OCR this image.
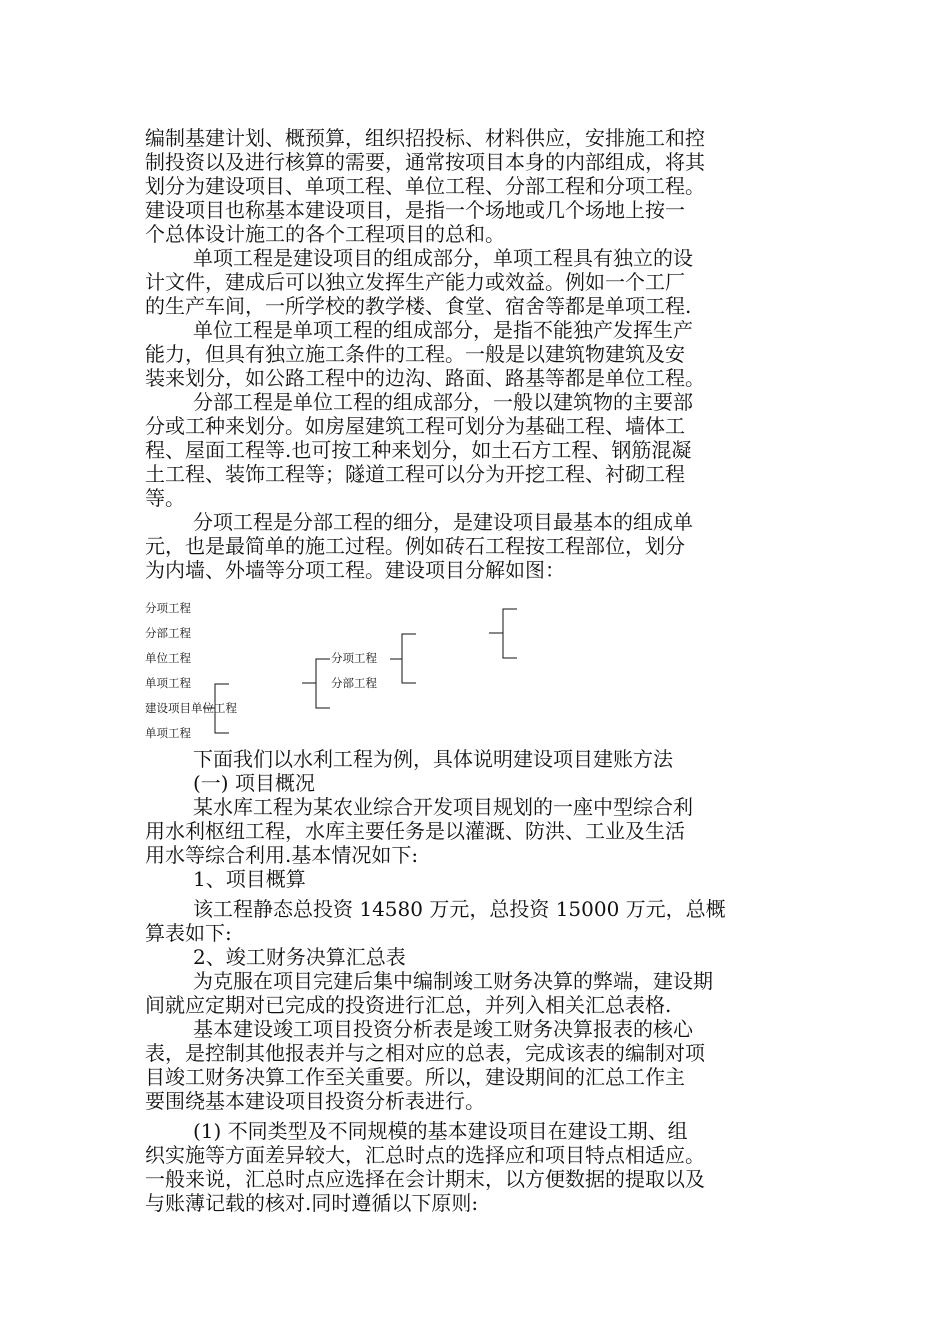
编制基建计划、概预算，组织招投标、材料供应，安排施工和控
制投资以及进行核算的需要，通常按项目本身的内部组成，将其
划分为建设项目、单项工程、单位工程、分部工程和分项工程。
建设项目也称基本建设项目，是指一个场地或几个场地上按一
个总体设计施工的各个工程项目的总和。
单项工程是建设项目的组成部分，单项工程具有独立的设
计文件，建成后可以独立发挥生产能力或效益。例如一个工厂
的生产车间，一所学校的教学楼、食堂、宿舍等都是单项工程.
单位工程是单项工程的组成部分，是指不能独产发挥生产
能力，但具有独立施工条件的工程。一般是以建筑物建筑及安
装来划分，如公路工程中的边沟、路面、路基等都是单位工程。
分部工程是单位工程的组成部分，一般以建筑物的主要部
分或工种来划分。如房屋建筑工程可划分为基础工程、墙体工
程、屋面工程等.也可按工种来划分，如土石方工程、钢筋混凝
土工程、装饰工程等；隧道工程可以分为开挖工程、衬砌工程
等。
分项工程是分部工程的细分，是建设项目最基本的组成单
元，也是最简单的施工过程。例如砖石工程按工程部位，划分
为内墙、外墙等分项工程。建设项目分解如图：
分项工程
分部工程
单位工程
单项工程
建设项目单位工程
单项工程
分项工程
分部工程
下面我们以水利工程为例，具体说明建设项目建账方法
(一) 项目概况
某水库工程为某农业综合开发项目规划的一座中型综合利
用水利枢纽工程，水库主要任务是以灌溉、防洪、工业及生活
用水等综合利用.基本情况如下:
1、项目概算
该工程静态总投资 14580 万元，总投资 15000 万元，总概
算表如下:
2、竣工财务决算汇总表
为克服在项目完建后集中编制竣工财务决算的弊端，建设期
间就应定期对已完成的投资进行汇总，并列入相关汇总表格.
基本建设竣工项目投资分析表是竣工财务决算报表的核心
表，是控制其他报表并与之相对应的总表，完成该表的编制对项
目竣工财务决算工作至关重要。所以，建设期间的汇总工作主
要围绕基本建设项目投资分析表进行。
(1) 不同类型及不同规模的基本建设项目在建设工期、组
织实施等方面差异较大，汇总时点的选择应和项目特点相适应。
一般来说，汇总时点应选择在会计期末，以方便数据的提取以及
与账薄记载的核对.同时遵循以下原则:
